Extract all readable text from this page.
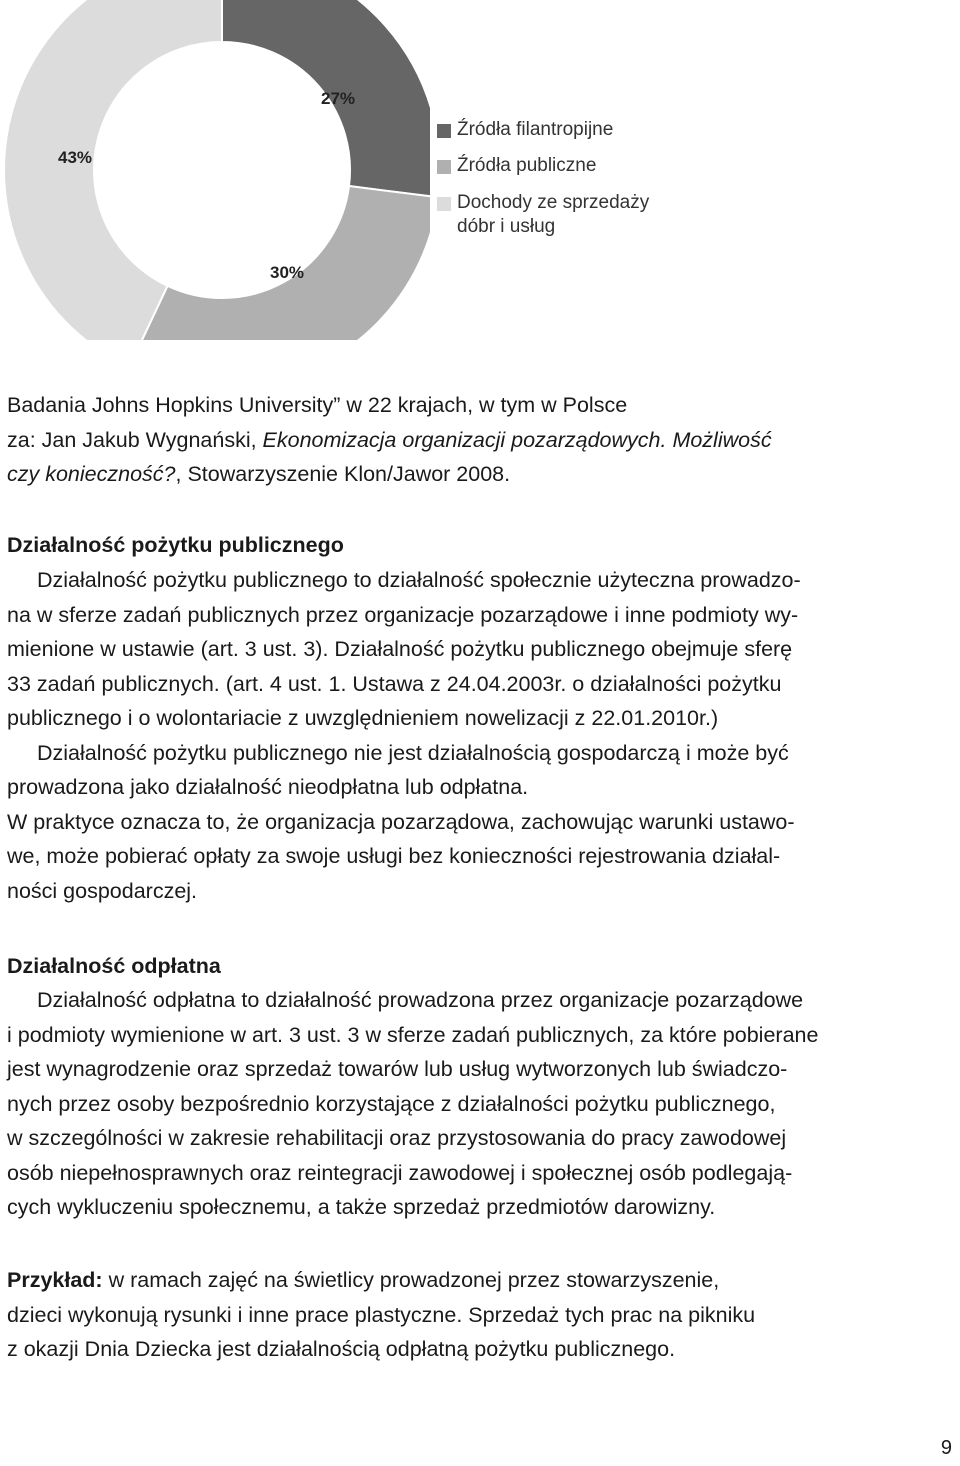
27%
30%
43%
Źródła filantropijne
Źródła publiczne
Dochody ze sprzedaży
dóbr i usług

Badania Johns Hopkins University” w 22 krajach, w tym w Polsce
za: Jan Jakub Wygnański, Ekonomizacja organizacji pozarządowych. Możliwość
czy konieczność?, Stowarzyszenie Klon/Jawor 2008.

Działalność pożytku publicznego

Działalność pożytku publicznego to działalność społecznie użyteczna prowadzo-
na w sferze zadań publicznych przez organizacje pozarządowe i inne podmioty wy-
mienione w ustawie (art. 3 ust. 3). Działalność pożytku publicznego obejmuje sferę
33 zadań publicznych. (art. 4 ust. 1. Ustawa z 24.04.2003r. o działalności pożytku
publicznego i o wolontariacie z uwzględnieniem nowelizacji z 22.01.2010r.)
Działalność pożytku publicznego nie jest działalnością gospodarczą i może być
prowadzona jako działalność nieodpłatna lub odpłatna.
W praktyce oznacza to, że organizacja pozarządowa, zachowując warunki ustawo-
we, może pobierać opłaty za swoje usługi bez konieczności rejestrowania działal-
ności gospodarczej.

Działalność odpłatna

Działalność odpłatna to działalność prowadzona przez organizacje pozarządowe
i podmioty wymienione w art. 3 ust. 3 w sferze zadań publicznych, za które pobierane
jest wynagrodzenie oraz sprzedaż towarów lub usług wytworzonych lub świadczo-
nych przez osoby bezpośrednio korzystające z działalności pożytku publicznego,
w szczególności w zakresie rehabilitacji oraz przystosowania do pracy zawodowej
osób niepełnosprawnych oraz reintegracji zawodowej i społecznej osób podlegają-
cych wykluczeniu społecznemu, a także sprzedaż przedmiotów darowizny.

Przykład: w ramach zajęć na świetlicy prowadzonej przez stowarzyszenie,
dzieci wykonują rysunki i inne prace plastyczne. Sprzedaż tych prac na pikniku
z okazji Dnia Dziecka jest działalnością odpłatną pożytku publicznego.

9
